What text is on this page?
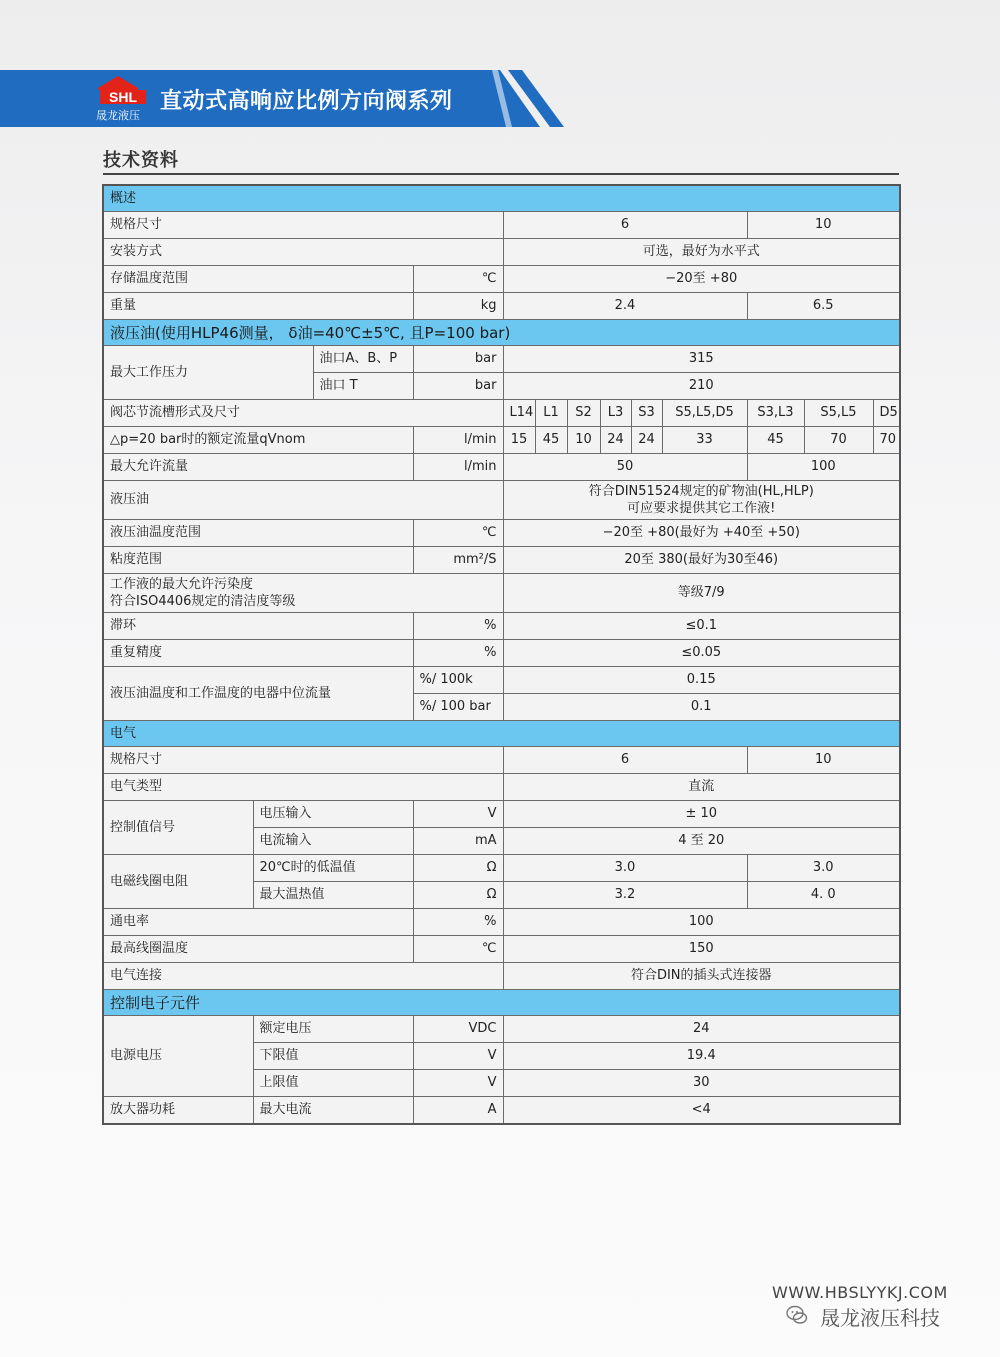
SHL
晟龙液压
直动式高响应比例方向阀系列
技术资料
概述												
规格尺寸				6						10		
安装方式				可选，最好为水平式								
存储温度范围			℃	−20至 +80								
重量			kg	2.4						6.5		
液压油(使用HLP46测量， δ油=40℃±5℃, 且P=100 bar)												
最大工作压力		油口A、B、P	bar	315								
		油口 T	bar	210								
阀芯节流槽形式及尺寸				L14	L1	S2	L3	S3	S5,L5,D5	S3,L3	S5,L5	D5
△p=20 bar时的额定流量qVnom			l/min	15	45	10	24	24	33	45	70	70
最大允许流量			l/min	50						100		
液压油				符合DIN51524规定的矿物油(HL,HLP)
可应要求提供其它工作液!								

液压油温度范围			℃	−20至 +80(最好为 +40至 +50)								
粘度范围			mm²/S	20至 380(最好为30至46)								

工作液的最大允许污染度
符合ISO4406规定的清洁度等级				等级7/9								
滞环			%	≤0.1								
重复精度			%	≤0.05								
液压油温度和工作温度的电器中位流量			%/ 100k	0.15								
			%/ 100 bar	0.1								
电气												
规格尺寸				6						10		
电气类型				直流								
控制值信号	电压输入		V	± 10								
	电流输入		mA	4 至 20								
电磁线圈电阻	20℃时的低温值		Ω	3.0						3.0		
	最大温热值		Ω	3.2						4. 0		
通电率			%	100								
最高线圈温度			℃	150								
电气连接				符合DIN的插头式连接器								
控制电子元件												
电源电压	额定电压		VDC	24								
	下限值		V	19.4								
	上限值		V	30								
放大器功耗	最大电流		A	<4								
WWW.HBSLYYKJ.COM
晟龙液压科技
